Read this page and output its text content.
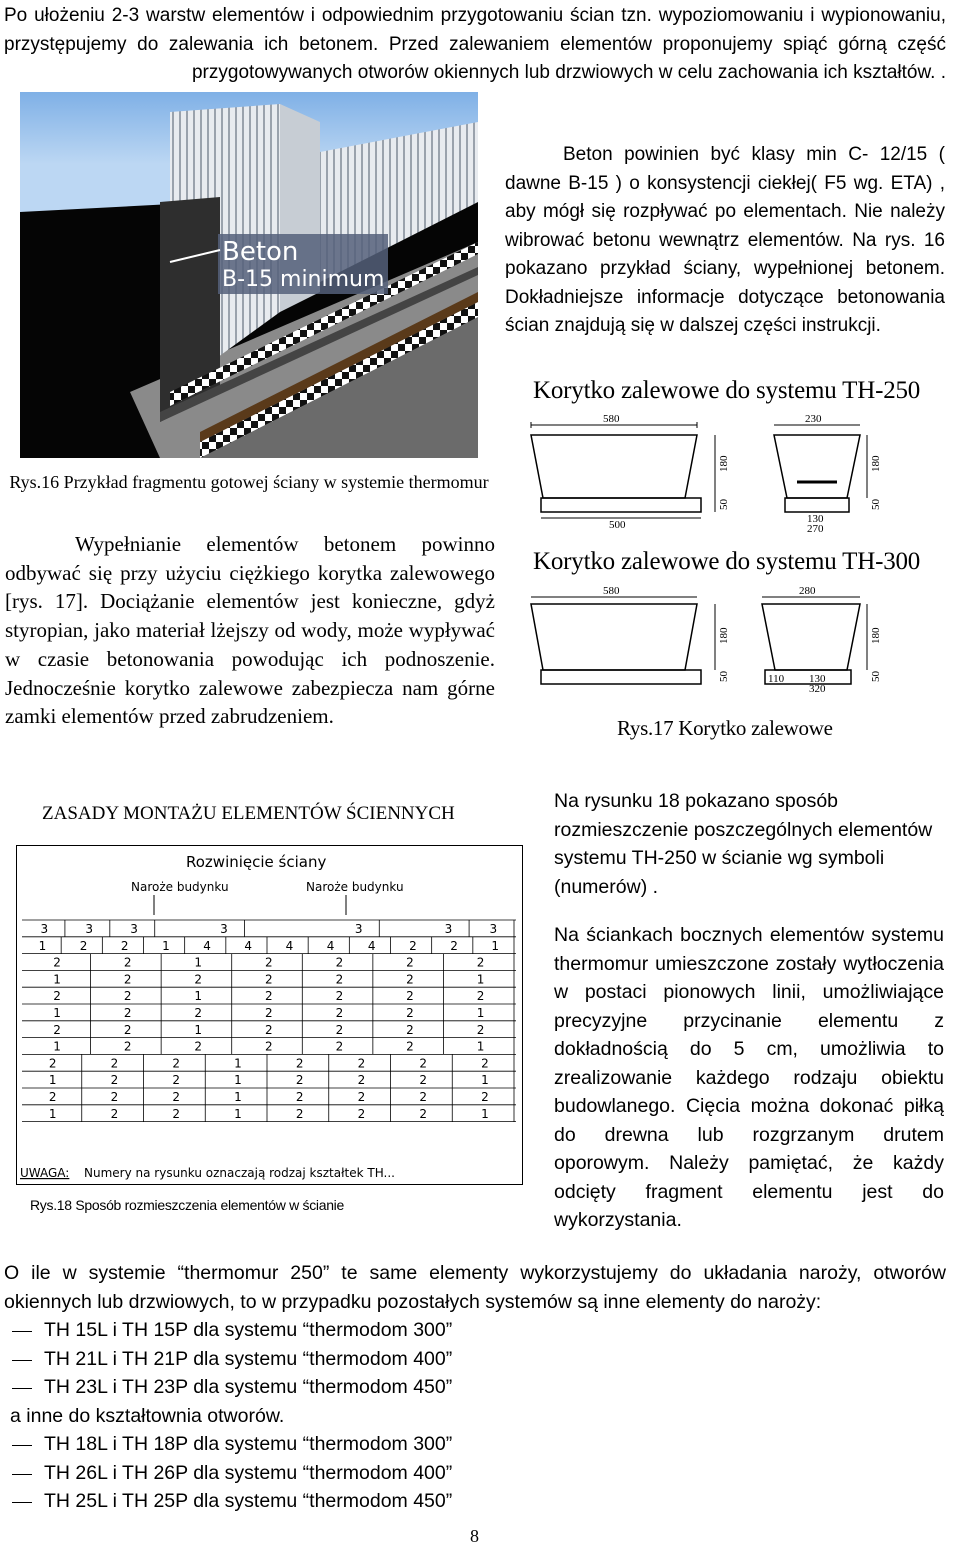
Po ułożeniu 2-3 warstw elementów i odpowiednim przygotowaniu ścian tzn. wypoziomowaniu i wypionowaniu, przystępujemy do zalewania ich betonem. Przed zalewaniem elementów proponujemy spiąć górną część przygotowywanych otworów okiennych lub drzwiowych w celu zachowania ich kształtów. .
Beton
B-15 minimum
Beton powinien być klasy min C- 12/15 ( dawne B-15 ) o konsystencji ciekłej( F5 wg. ETA) , aby mógł się rozpływać po elementach. Nie należy wibrować betonu wewnątrz elementów. Na rys. 16 pokazano przykład ściany, wypełnionej betonem. Dokładniejsze informacje dotyczące betonowania ścian znajdują się w dalszej części instrukcji.
Rys.16 Przykład fragmentu gotowej ściany w systemie thermomur
Wypełnianie elementów betonem powinno odbywać się przy użyciu ciężkiego korytka zalewowego [rys. 17]. Dociążanie elementów jest konieczne, gdyż styropian, jako materiał lżejszy od wody, może wypływać w czasie betonowania powodując ich podnoszenie. Jednocześnie korytko zalewowe zabezpiecza nam górne zamki elementów przed zabrudzeniem.
Korytko zalewowe do systemu TH-250
580
500
180
50
230
130
270
180
50
Korytko zalewowe do systemu TH-300
580
180
50
280
110 130
320
180
50
Rys.17 Korytko zalewowe
ZASADY MONTAŻU ELEMENTÓW ŚCIENNYCH
Na rysunku 18 pokazano sposób rozmieszczenie poszczególnych elementów systemu TH-250 w ścianie wg symboli (numerów) .
Rozwinięcie ściany
Naroże budynku	Naroże budynku
3	3	3	3	3	3	3
1	2	2	1	4	4	4	4	4	2	2	1
2	2	1	2	2	2	2
1	2	2	2	2	2	1
2	2	1	2	2	2	2
1	2	2	2	2	2	1
2	2	1	2	2	2	2
1	2	2	2	2	2	1
2	2	2	1	2	2	2	2
1	2	2	1	2	2	2	1
2	2	2	1	2	2	2	2
1	2	2	1	2	2	2	1
UWAGA: Numery na rysunku oznaczają rodzaj kształtek TH...
Rys.18 Sposób rozmieszczenia elementów w ścianie
Na ściankach bocznych elementów systemu thermomur umieszczone zostały wytłoczenia w postaci pionowych linii, umożliwiające precyzyjne przycinanie elementu z dokładnością do 5 cm, umożliwia to zrealizowanie każdego rodzaju obiektu budowlanego. Cięcia można dokonać piłką do drewna lub rozgrzanym drutem oporowym. Należy pamiętać, że każdy odcięty fragment elementu jest do wykorzystania.
O ile w systemie “thermomur 250” te same elementy wykorzystujemy do układania naroży, otworów okiennych lub drzwiowych, to w przypadku pozostałych systemów są inne elementy do naroży:
TH 15L i TH 15P dla systemu “thermodom 300”
TH 21L i TH 21P dla systemu “thermodom 400”
TH 23L i TH 23P dla systemu “thermodom 450”
a inne do kształtownia otworów.
TH 18L i TH 18P dla systemu “thermodom 300”
TH 26L i TH 26P dla systemu “thermodom 400”
TH 25L i TH 25P dla systemu “thermodom 450”
8
